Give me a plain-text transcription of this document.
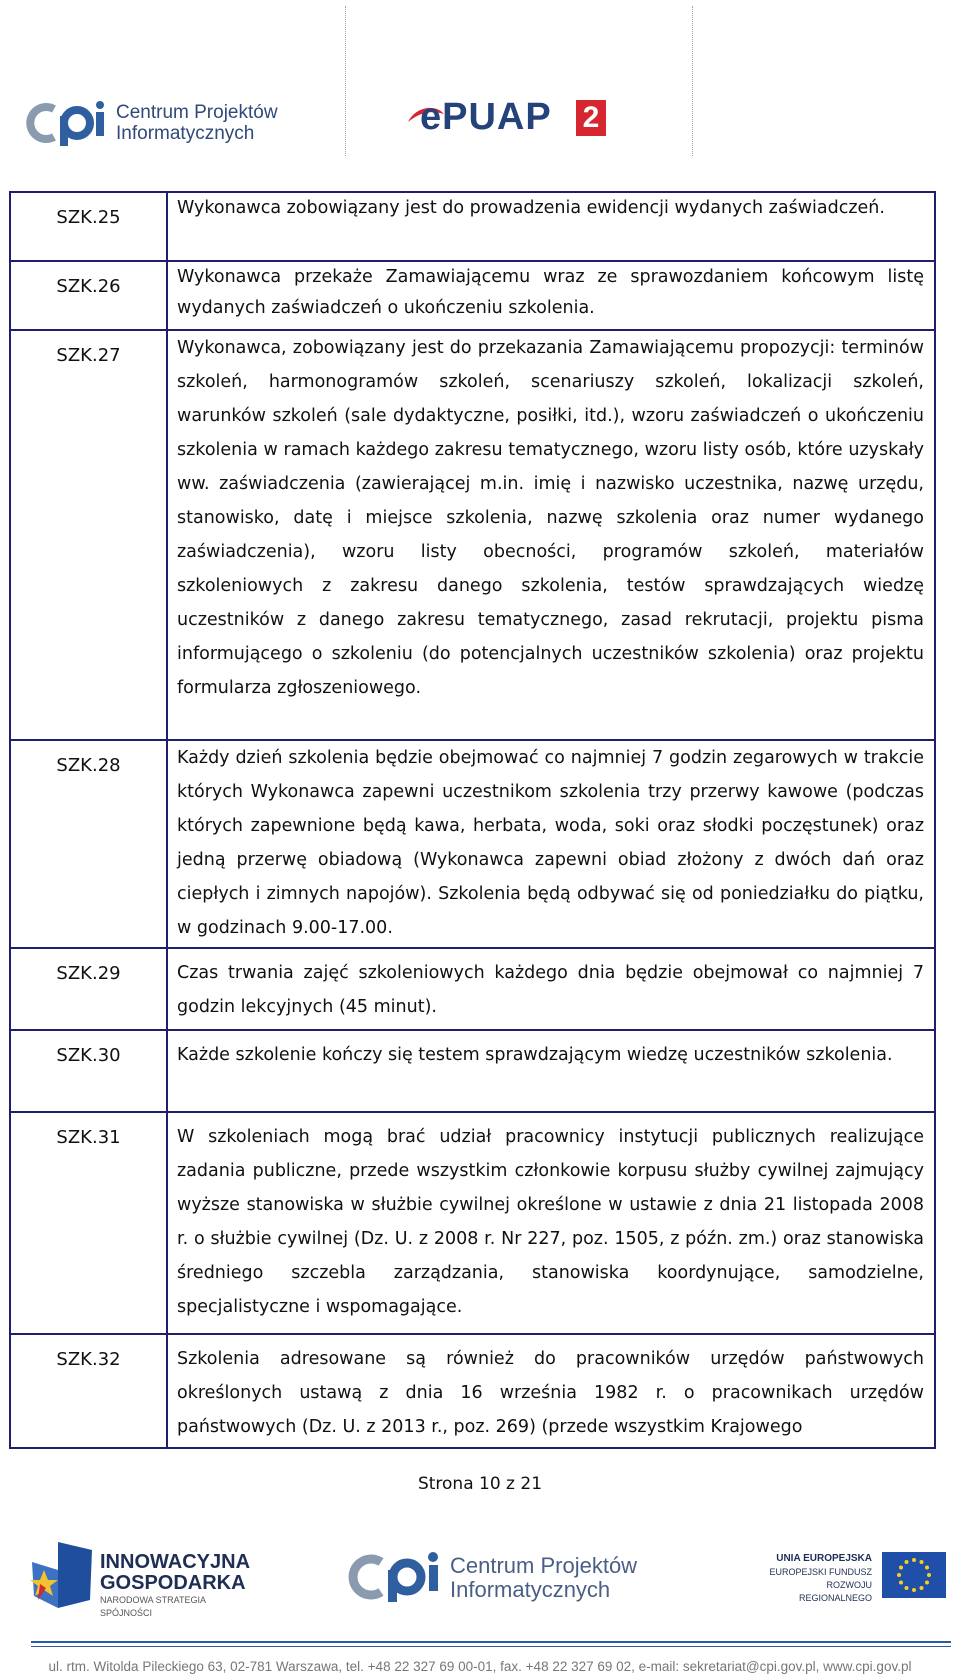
Centrum Projektów
Informatycznych	ePUAP 2
SZK.25	Wykonawca zobowiązany jest do prowadzenia ewidencji wydanych zaświadczeń.
SZK.26	Wykonawca przekaże Zamawiającemu wraz ze sprawozdaniem końcowym listę wydanych zaświadczeń o ukończeniu szkolenia.
SZK.27	Wykonawca, zobowiązany jest do przekazania Zamawiającemu propozycji: terminów szkoleń, harmonogramów szkoleń, scenariuszy szkoleń, lokalizacji szkoleń, warunków szkoleń (sale dydaktyczne, posiłki, itd.), wzoru zaświadczeń o ukończeniu szkolenia w ramach każdego zakresu tematycznego, wzoru listy osób, które uzyskały ww. zaświadczenia (zawierającej m.in. imię i nazwisko uczestnika, nazwę urzędu, stanowisko, datę i miejsce szkolenia, nazwę szkolenia oraz numer wydanego zaświadczenia), wzoru listy obecności, programów szkoleń, materiałów szkoleniowych z zakresu danego szkolenia, testów sprawdzających wiedzę uczestników z danego zakresu tematycznego, zasad rekrutacji, projektu pisma informującego o szkoleniu (do potencjalnych uczestników szkolenia) oraz projektu formularza zgłoszeniowego.
SZK.28	Każdy dzień szkolenia będzie obejmować co najmniej 7 godzin zegarowych w trakcie których Wykonawca zapewni uczestnikom szkolenia trzy przerwy kawowe (podczas których zapewnione będą kawa, herbata, woda, soki oraz słodki poczęstunek) oraz jedną przerwę obiadową (Wykonawca zapewni obiad złożony z dwóch dań oraz ciepłych i zimnych napojów). Szkolenia będą odbywać się od poniedziałku do piątku, w godzinach 9.00-17.00.
SZK.29	Czas trwania zajęć szkoleniowych każdego dnia będzie obejmował co najmniej 7 godzin lekcyjnych (45 minut).
SZK.30	Każde szkolenie kończy się testem sprawdzającym wiedzę uczestników szkolenia.
SZK.31	W szkoleniach mogą brać udział pracownicy instytucji publicznych realizujące zadania publiczne, przede wszystkim członkowie korpusu służby cywilnej zajmujący wyższe stanowiska w służbie cywilnej określone w ustawie z dnia 21 listopada 2008 r. o służbie cywilnej (Dz. U. z 2008 r. Nr 227, poz. 1505, z późn. zm.) oraz stanowiska średniego szczebla zarządzania, stanowiska koordynujące, samodzielne, specjalistyczne i wspomagające.
SZK.32	Szkolenia adresowane są również do pracowników urzędów państwowych określonych ustawą z dnia 16 września 1982 r. o pracownikach urzędów państwowych (Dz. U. z 2013 r., poz. 269) (przede wszystkim Krajowego
Strona 10 z 21
INNOWACYJNA
GOSPODARKA
NARODOWA STRATEGIA SPÓJNOŚCI
Centrum Projektów
Informatycznych
UNIA EUROPEJSKA
EUROPEJSKI FUNDUSZ
ROZWOJU REGIONALNEGO
ul. rtm. Witolda Pileckiego 63, 02-781 Warszawa, tel. +48 22 327 69 00-01, fax. +48 22 327 69 02, e-mail: sekretariat@cpi.gov.pl, www.cpi.gov.pl
